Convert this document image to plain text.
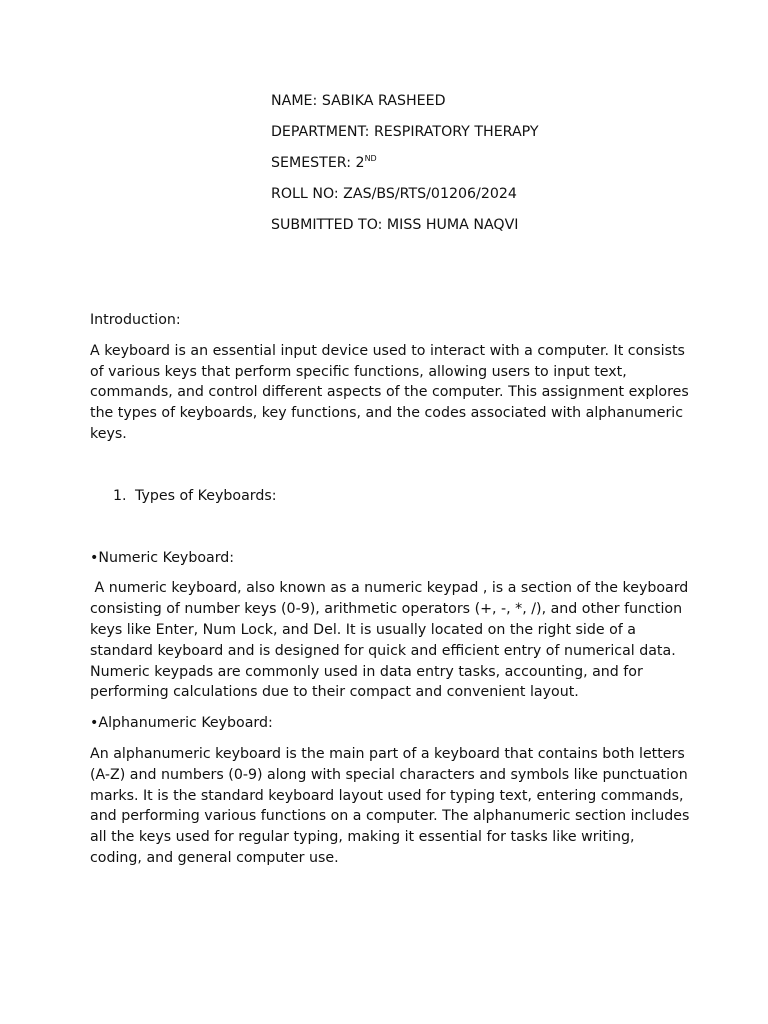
NAME: SABIKA RASHEED
DEPARTMENT: RESPIRATORY THERAPY
SEMESTER: 2ND
ROLL NO: ZAS/BS/RTS/01206/2024
SUBMITTED TO: MISS HUMA NAQVI

Introduction:

A keyboard is an essential input device used to interact with a computer. It consists of various keys that perform specific functions, allowing users to input text, commands, and control different aspects of the computer. This assignment explores the types of keyboards, key functions, and the codes associated with alphanumeric keys.

1. Types of Keyboards:

•Numeric Keyboard:

A numeric keyboard, also known as a numeric keypad , is a section of the keyboard consisting of number keys (0-9), arithmetic operators (+, -, *, /), and other function keys like Enter, Num Lock, and Del. It is usually located on the right side of a standard keyboard and is designed for quick and efficient entry of numerical data. Numeric keypads are commonly used in data entry tasks, accounting, and for performing calculations due to their compact and convenient layout.

•Alphanumeric Keyboard:

An alphanumeric keyboard is the main part of a keyboard that contains both letters (A-Z) and numbers (0-9) along with special characters and symbols like punctuation marks. It is the standard keyboard layout used for typing text, entering commands, and performing various functions on a computer. The alphanumeric section includes all the keys used for regular typing, making it essential for tasks like writing, coding, and general computer use.
